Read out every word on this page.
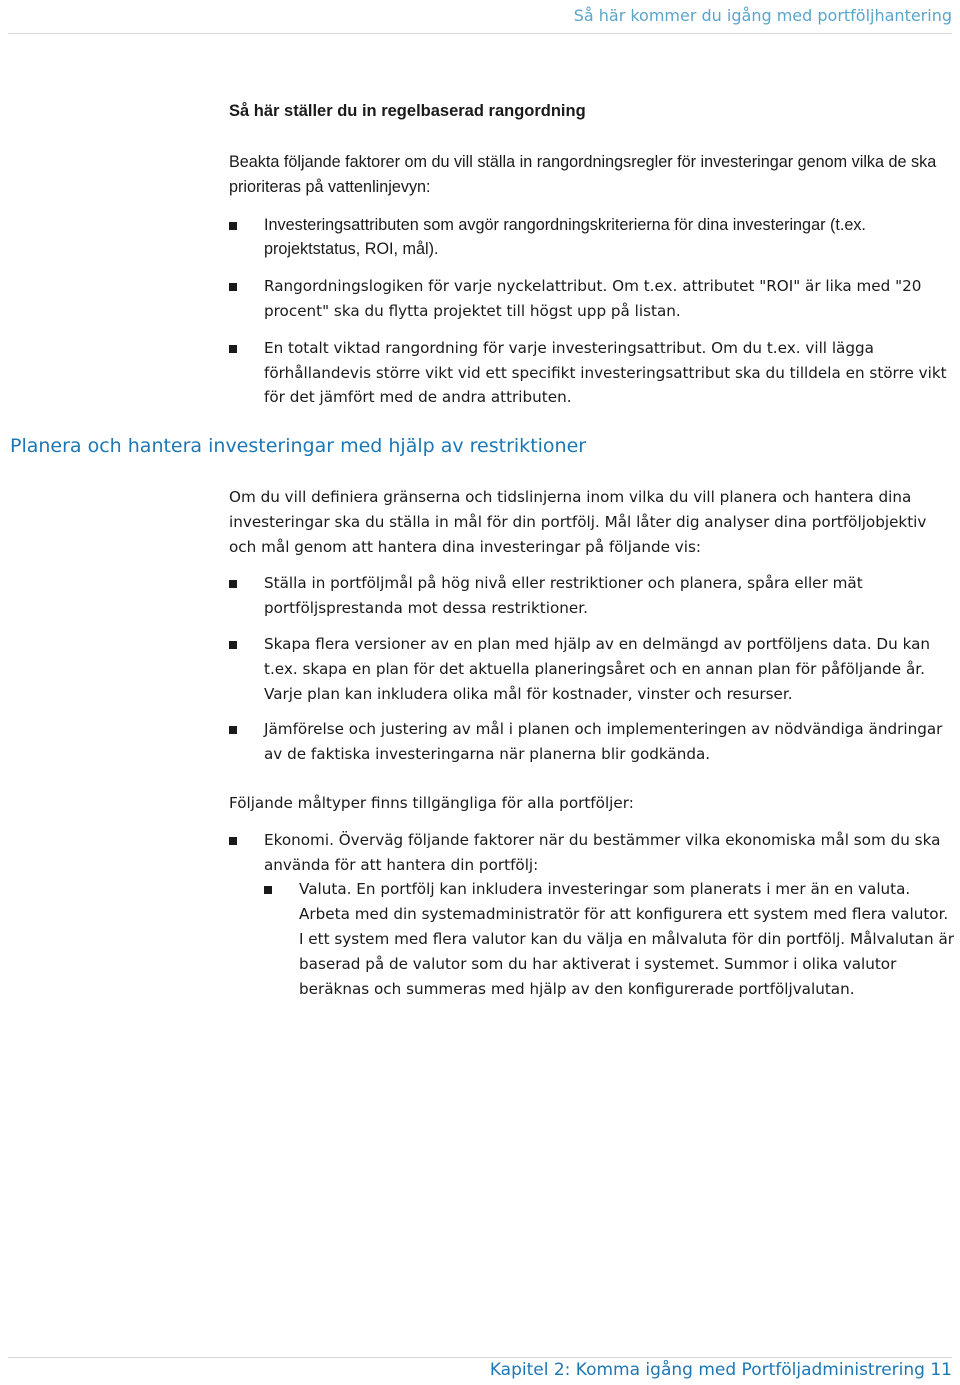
Så här kommer du igång med portföljhantering
Så här ställer du in regelbaserad rangordning

Beakta följande faktorer om du vill ställa in rangordningsregler för investeringar genom vilka de ska prioriteras på vattenlinjevyn:

Investeringsattributen som avgör rangordningskriterierna för dina investeringar (t.ex. projektstatus, ROI, mål).
Rangordningslogiken för varje nyckelattribut. Om t.ex. attributet "ROI" är lika med "20 procent" ska du flytta projektet till högst upp på listan.
En totalt viktad rangordning för varje investeringsattribut. Om du t.ex. vill lägga förhållandevis större vikt vid ett specifikt investeringsattribut ska du tilldela en större vikt för det jämfört med de andra attributen.
Planera och hantera investeringar med hjälp av restriktioner

Om du vill definiera gränserna och tidslinjerna inom vilka du vill planera och hantera dina investeringar ska du ställa in mål för din portfölj. Mål låter dig analyser dina portföljobjektiv och mål genom att hantera dina investeringar på följande vis:

Ställa in portföljmål på hög nivå eller restriktioner och planera, spåra eller mät portföljsprestanda mot dessa restriktioner.
Skapa flera versioner av en plan med hjälp av en delmängd av portföljens data. Du kan t.ex. skapa en plan för det aktuella planeringsåret och en annan plan för påföljande år. Varje plan kan inkludera olika mål för kostnader, vinster och resurser.
Jämförelse och justering av mål i planen och implementeringen av nödvändiga ändringar av de faktiska investeringarna när planerna blir godkända.

Följande måltyper finns tillgängliga för alla portföljer:

Ekonomi. Överväg följande faktorer när du bestämmer vilka ekonomiska mål som du ska använda för att hantera din portfölj:
Valuta. En portfölj kan inkludera investeringar som planerats i mer än en valuta. Arbeta med din systemadministratör för att konfigurera ett system med flera valutor. I ett system med flera valutor kan du välja en målvaluta för din portfölj. Målvalutan är baserad på de valutor som du har aktiverat i systemet. Summor i olika valutor beräknas och summeras med hjälp av den konfigurerade portföljvalutan.
Kapitel 2: Komma igång med Portföljadministrering 11
